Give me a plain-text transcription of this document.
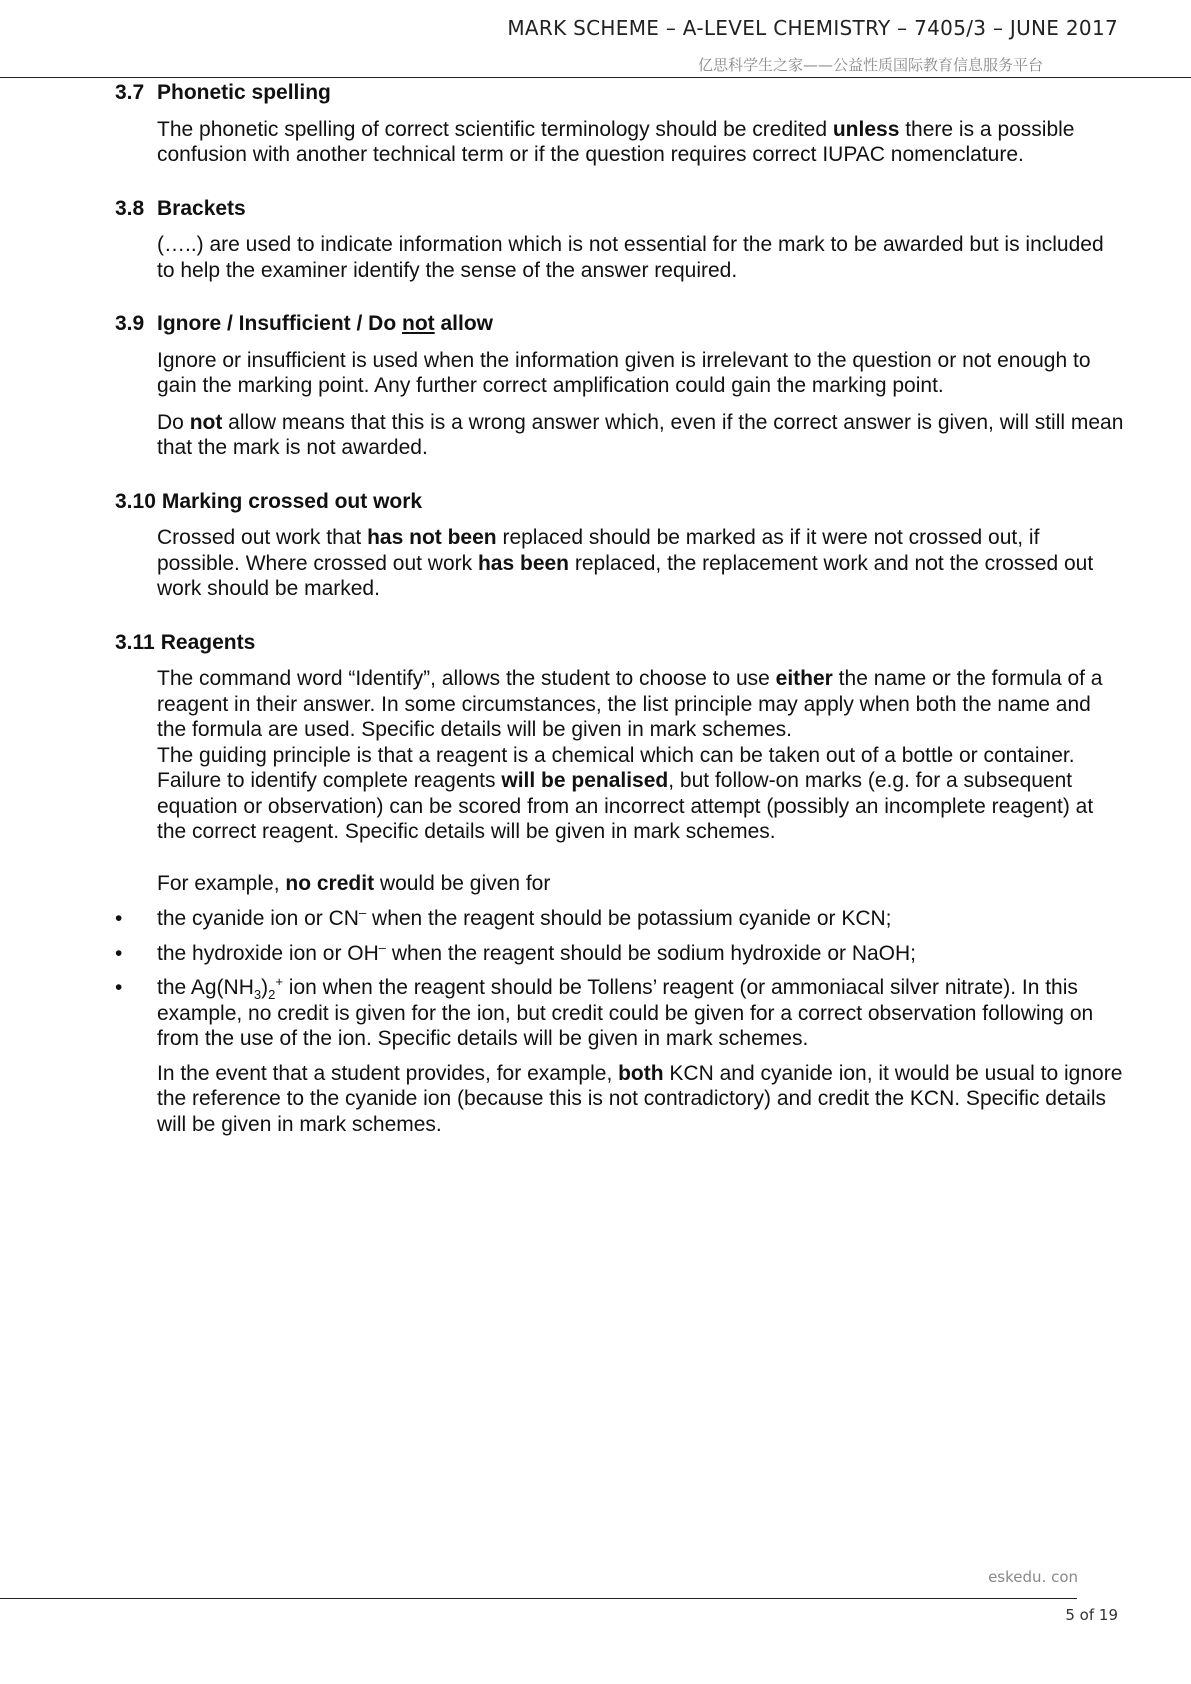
MARK SCHEME – A-LEVEL CHEMISTRY – 7405/3 – JUNE 2017
亿思科学生之家——公益性质国际教育信息服务平台

3.7 Phonetic spelling

The phonetic spelling of correct scientific terminology should be credited unless there is a possible confusion with another technical term or if the question requires correct IUPAC nomenclature.

3.8 Brackets

(…..) are used to indicate information which is not essential for the mark to be awarded but is included to help the examiner identify the sense of the answer required.

3.9 Ignore / Insufficient / Do not allow

Ignore or insufficient is used when the information given is irrelevant to the question or not enough to gain the marking point. Any further correct amplification could gain the marking point.

Do not allow means that this is a wrong answer which, even if the correct answer is given, will still mean that the mark is not awarded.

3.10 Marking crossed out work

Crossed out work that has not been replaced should be marked as if it were not crossed out, if possible. Where crossed out work has been replaced, the replacement work and not the crossed out work should be marked.

3.11 Reagents

The command word “Identify”, allows the student to choose to use either the name or the formula of a reagent in their answer. In some circumstances, the list principle may apply when both the name and the formula are used. Specific details will be given in mark schemes.
The guiding principle is that a reagent is a chemical which can be taken out of a bottle or container. Failure to identify complete reagents will be penalised, but follow-on marks (e.g. for a subsequent equation or observation) can be scored from an incorrect attempt (possibly an incomplete reagent) at the correct reagent. Specific details will be given in mark schemes.

For example, no credit would be given for

• the cyanide ion or CN– when the reagent should be potassium cyanide or KCN;
• the hydroxide ion or OH– when the reagent should be sodium hydroxide or NaOH;
• the $Ag(NH_3)_2^+$ ion when the reagent should be Tollens’ reagent (or ammoniacal silver nitrate). In this example, no credit is given for the ion, but credit could be given for a correct observation following on from the use of the ion. Specific details will be given in mark schemes.

In the event that a student provides, for example, both KCN and cyanide ion, it would be usual to ignore the reference to the cyanide ion (because this is not contradictory) and credit the KCN. Specific details will be given in mark schemes.

eskedu. con
5 of 19
